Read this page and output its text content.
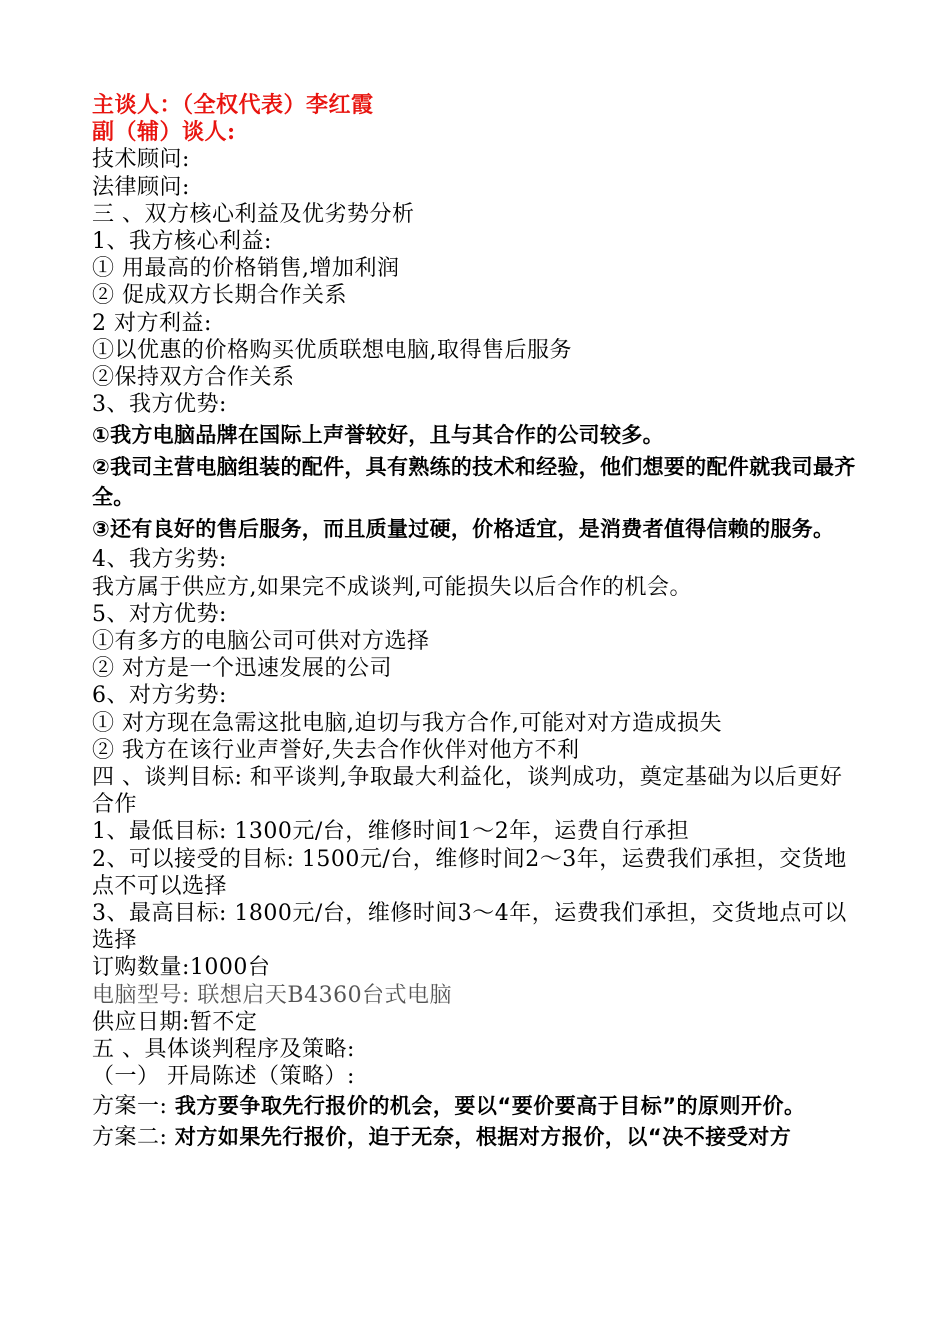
主谈人：（全权代表）李红霞
副（辅）谈人:
技术顾问:
法律顾问:
三 、双方核心利益及优劣势分析
1、我方核心利益:
① 用最高的价格销售,增加利润
② 促成双方长期合作关系
2 对方利益:
①以优惠的价格购买优质联想电脑,取得售后服务
②保持双方合作关系
3、我方优势:
①我方电脑品牌在国际上声誉较好，且与其合作的公司较多。
②我司主营电脑组装的配件，具有熟练的技术和经验，他们想要的配件就我司最齐全。
③还有良好的售后服务，而且质量过硬，价格适宜，是消费者值得信赖的服务。
4、我方劣势:
我方属于供应方,如果完不成谈判,可能损失以后合作的机会。
5、对方优势:
①有多方的电脑公司可供对方选择
② 对方是一个迅速发展的公司
6、对方劣势:
① 对方现在急需这批电脑,迫切与我方合作,可能对对方造成损失
② 我方在该行业声誉好,失去合作伙伴对他方不利
四 、谈判目标: 和平谈判,争取最大利益化，谈判成功，奠定基础为以后更好合作
1、最低目标: 1300元/台，维修时间1～2年，运费自行承担
2、可以接受的目标: 1500元/台，维修时间2～3年，运费我们承担，交货地点不可以选择
3、最高目标: 1800元/台，维修时间3～4年，运费我们承担，交货地点可以选择
订购数量:1000台
电脑型号: 联想启天B4360台式电脑
供应日期:暂不定
五 、具体谈判程序及策略:
（一） 开局陈述（策略）:
方案一: 我方要争取先行报价的机会，要以“要价要高于目标”的原则开价。
方案二: 对方如果先行报价，迫于无奈，根据对方报价，以“决不接受对方
